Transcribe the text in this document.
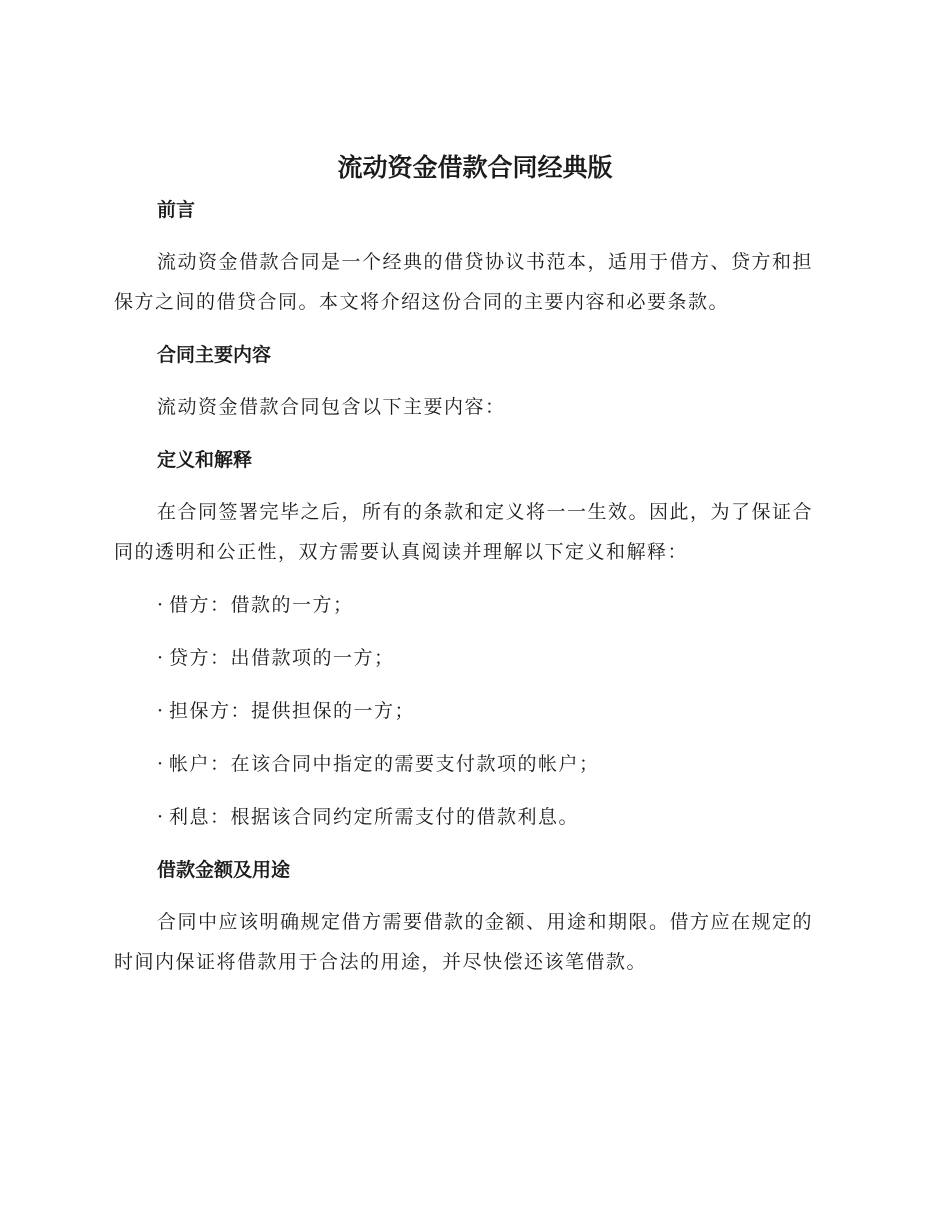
流动资金借款合同经典版
前言

流动资金借款合同是一个经典的借贷协议书范本，适用于借方、贷方和担保方之间的借贷合同。本文将介绍这份合同的主要内容和必要条款。

合同主要内容

流动资金借款合同包含以下主要内容：

定义和解释

在合同签署完毕之后，所有的条款和定义将一一生效。因此，为了保证合同的透明和公正性，双方需要认真阅读并理解以下定义和解释：

· 借方：借款的一方；
· 贷方：出借款项的一方；
· 担保方：提供担保的一方；
· 帐户：在该合同中指定的需要支付款项的帐户；
· 利息：根据该合同约定所需支付的借款利息。
借款金额及用途

合同中应该明确规定借方需要借款的金额、用途和期限。借方应在规定的时间内保证将借款用于合法的用途，并尽快偿还该笔借款。
